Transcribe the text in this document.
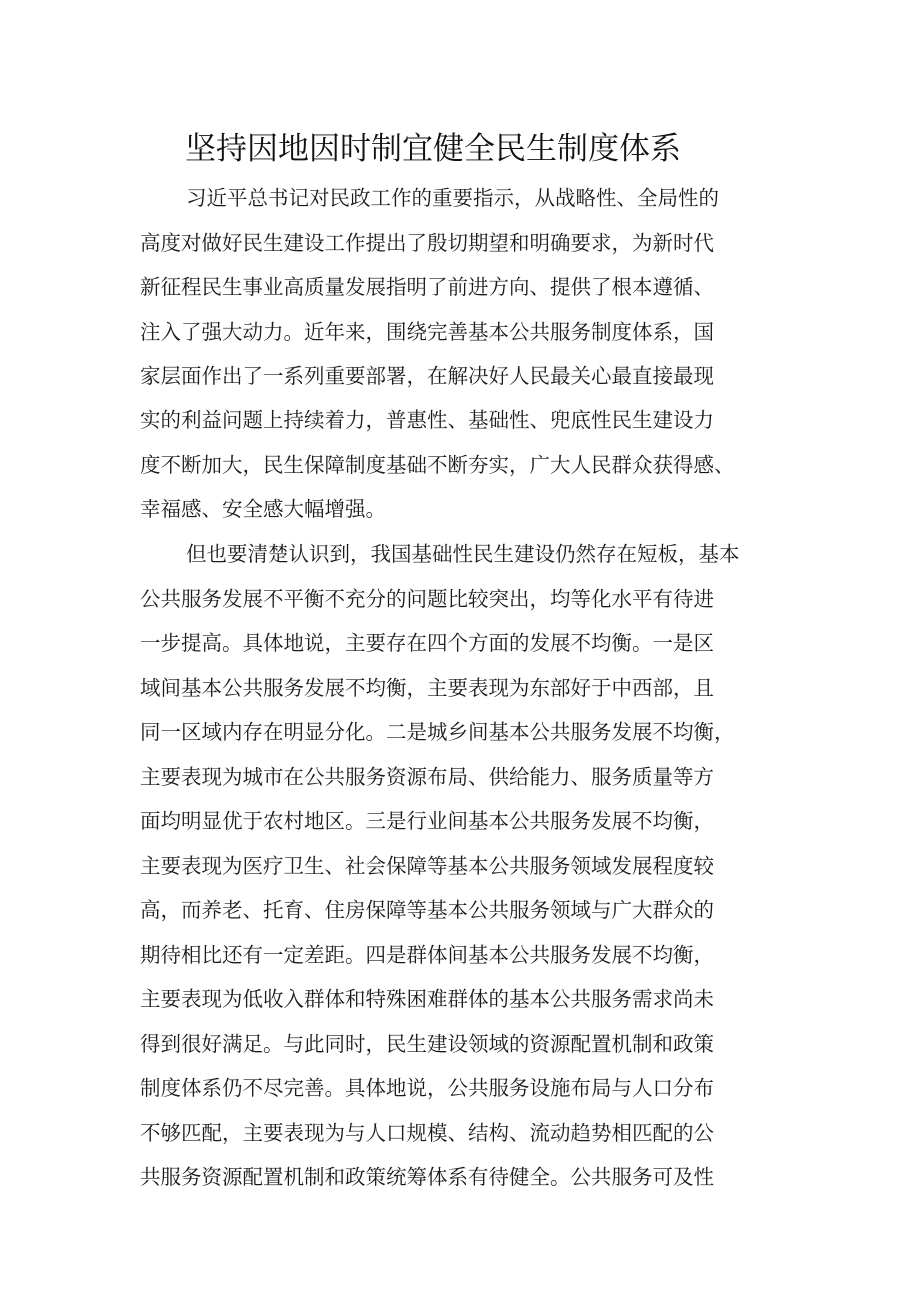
坚持因地因时制宜健全民生制度体系

习近平总书记对民政工作的重要指示，从战略性、全局性的

高度对做好民生建设工作提出了殷切期望和明确要求，为新时代

新征程民生事业高质量发展指明了前进方向、提供了根本遵循、

注入了强大动力。近年来，围绕完善基本公共服务制度体系，国

家层面作出了一系列重要部署，在解决好人民最关心最直接最现

实的利益问题上持续着力，普惠性、基础性、兜底性民生建设力

度不断加大，民生保障制度基础不断夯实，广大人民群众获得感、

幸福感、安全感大幅增强。

但也要清楚认识到，我国基础性民生建设仍然存在短板，基本

公共服务发展不平衡不充分的问题比较突出，均等化水平有待进

一步提高。具体地说，主要存在四个方面的发展不均衡。一是区

域间基本公共服务发展不均衡，主要表现为东部好于中西部，且

同一区域内存在明显分化。二是城乡间基本公共服务发展不均衡，

主要表现为城市在公共服务资源布局、供给能力、服务质量等方

面均明显优于农村地区。三是行业间基本公共服务发展不均衡，

主要表现为医疗卫生、社会保障等基本公共服务领域发展程度较

高，而养老、托育、住房保障等基本公共服务领域与广大群众的

期待相比还有一定差距。四是群体间基本公共服务发展不均衡，

主要表现为低收入群体和特殊困难群体的基本公共服务需求尚未

得到很好满足。与此同时，民生建设领域的资源配置机制和政策

制度体系仍不尽完善。具体地说，公共服务设施布局与人口分布

不够匹配，主要表现为与人口规模、结构、流动趋势相匹配的公

共服务资源配置机制和政策统筹体系有待健全。公共服务可及性
